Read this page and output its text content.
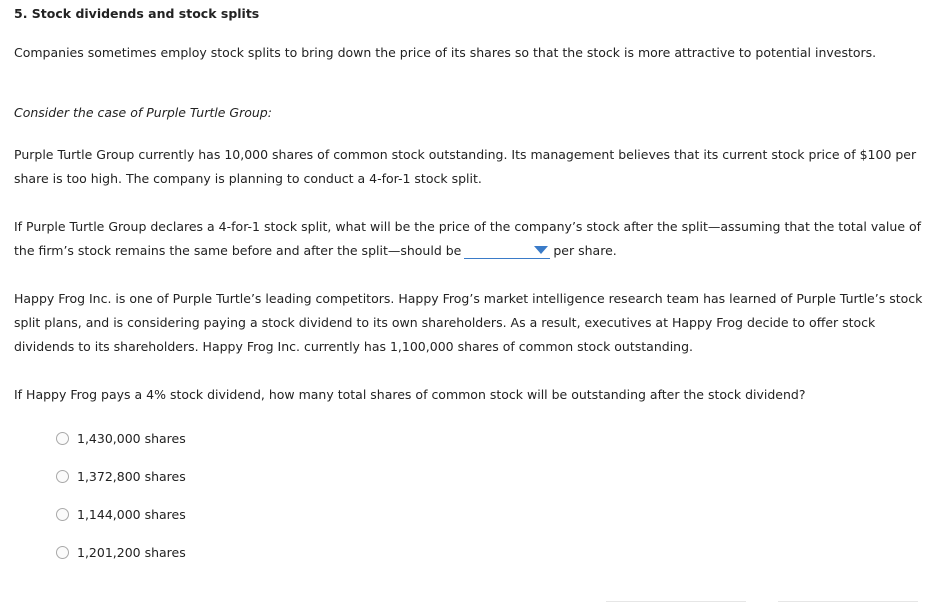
5. Stock dividends and stock splits
Companies sometimes employ stock splits to bring down the price of its shares so that the stock is more attractive to potential investors.
Consider the case of Purple Turtle Group:
Purple Turtle Group currently has 10,000 shares of common stock outstanding. Its management believes that its current stock price of $100 per share is too high. The company is planning to conduct a 4-for-1 stock split.
If Purple Turtle Group declares a 4-for-1 stock split, what will be the price of the company’s stock after the split—assuming that the total value of the firm’s stock remains the same before and after the split—should be	per share.
Happy Frog Inc. is one of Purple Turtle’s leading competitors. Happy Frog’s market intelligence research team has learned of Purple Turtle’s stock split plans, and is considering paying a stock dividend to its own shareholders. As a result, executives at Happy Frog decide to offer stock dividends to its shareholders. Happy Frog Inc. currently has 1,100,000 shares of common stock outstanding.
If Happy Frog pays a 4% stock dividend, how many total shares of common stock will be outstanding after the stock dividend?
1,430,000 shares
1,372,800 shares
1,144,000 shares
1,201,200 shares
